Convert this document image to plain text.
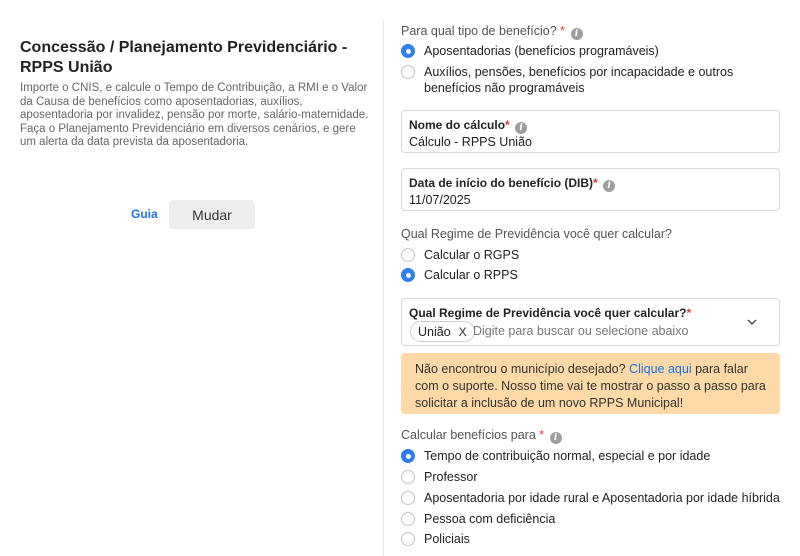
Concessão / Planejamento Previdenciário - RPPS União
Importe o CNIS, e calcule o Tempo de Contribuição, a RMI e o Valor da Causa de benefícios como aposentadorias, auxílios, aposentadoria por invalidez, pensão por morte, salário-maternidade. Faça o Planejamento Previdenciário em diversos cenários, e gere um alerta da data prevista da aposentadoria.
Guia	Mudar
Para qual tipo de benefício? * i
Aposentadorias (benefícios programáveis)
Auxílios, pensões, benefícios por incapacidade e outros benefícios não programáveis
Nome do cálculo* i
Cálculo - RPPS União
Data de início do benefício (DIB)* i
11/07/2025
Qual Regime de Previdência você quer calcular?
Calcular o RGPS
Calcular o RPPS
Qual Regime de Previdência você quer calcular?*
União X Digite para buscar ou selecione abaixo
Não encontrou o município desejado? Clique aqui para falar com o suporte. Nosso time vai te mostrar o passo a passo para solicitar a inclusão de um novo RPPS Municipal!
Calcular benefícios para * i
Tempo de contribuição normal, especial e por idade
Professor
Aposentadoria por idade rural e Aposentadoria por idade híbrida
Pessoa com deficiência
Policiais
